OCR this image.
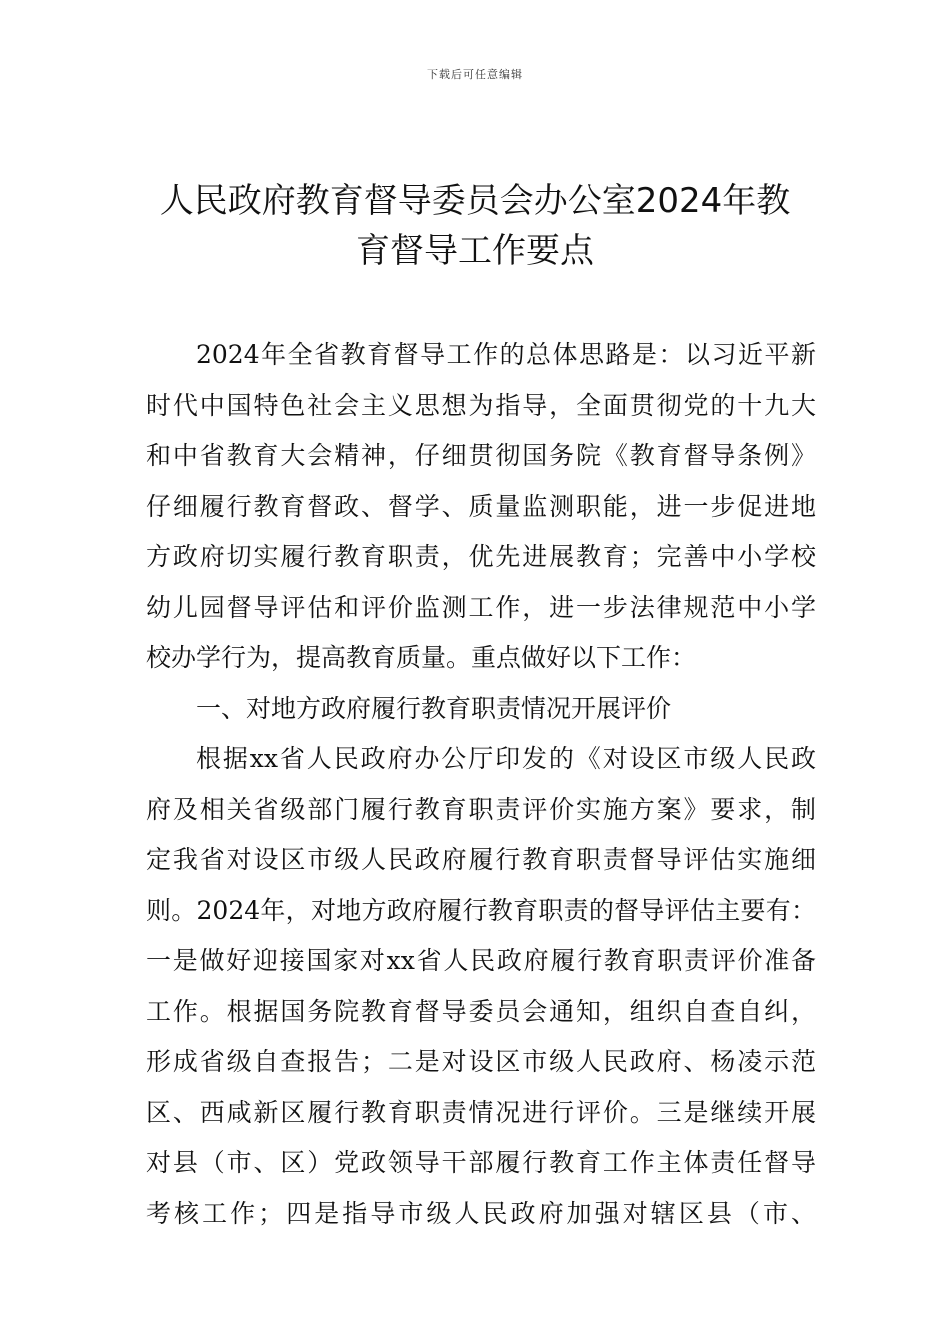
下载后可任意编辑
人民政府教育督导委员会办公室2024年教
育督导工作要点
2024年全省教育督导工作的总体思路是：以习近平新
时代中国特色社会主义思想为指导，全面贯彻党的十九大
和中省教育大会精神，仔细贯彻国务院《教育督导条例》
仔细履行教育督政、督学、质量监测职能，进一步促进地
方政府切实履行教育职责，优先进展教育；完善中小学校
幼儿园督导评估和评价监测工作，进一步法律规范中小学
校办学行为，提高教育质量。重点做好以下工作：
一、对地方政府履行教育职责情况开展评价
根据xx省人民政府办公厅印发的《对设区市级人民政
府及相关省级部门履行教育职责评价实施方案》要求，制
定我省对设区市级人民政府履行教育职责督导评估实施细
则。2024年，对地方政府履行教育职责的督导评估主要有：
一是做好迎接国家对xx省人民政府履行教育职责评价准备
工作。根据国务院教育督导委员会通知，组织自查自纠，
形成省级自查报告；二是对设区市级人民政府、杨凌示范
区、西咸新区履行教育职责情况进行评价。三是继续开展
对县（市、区）党政领导干部履行教育工作主体责任督导
考核工作；四是指导市级人民政府加强对辖区县（市、
